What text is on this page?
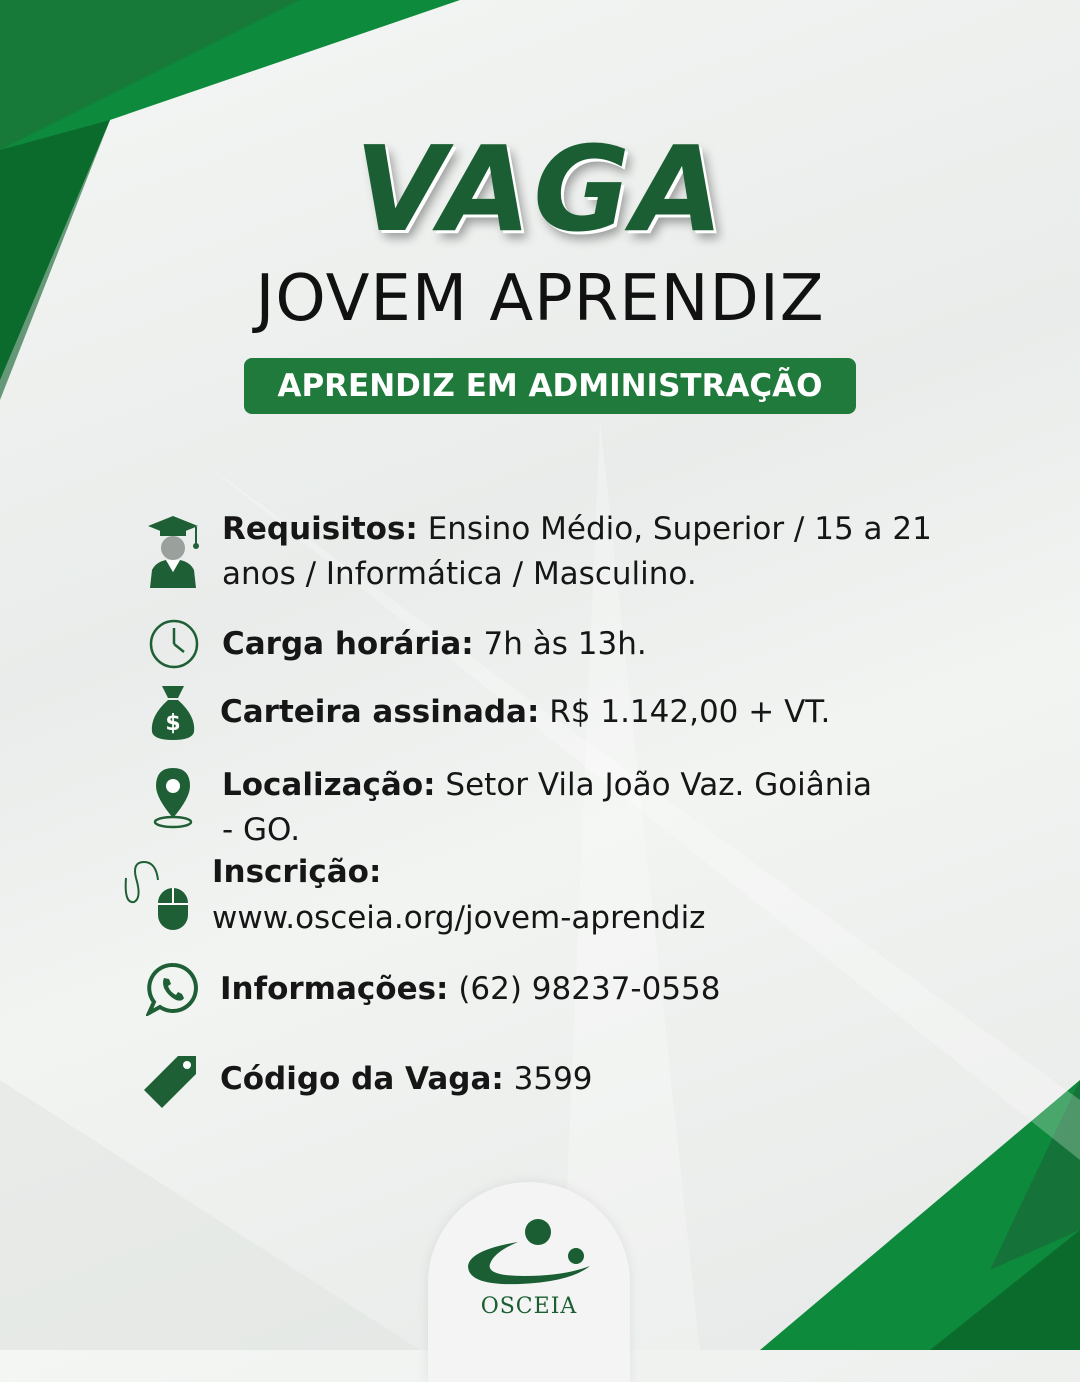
VAGA
JOVEM APRENDIZ
APRENDIZ EM ADMINISTRAÇÃO
Requisitos: Ensino Médio, Superior / 15 a 21
anos / Informática / Masculino.
Carga horária: 7h às 13h.
$ Carteira assinada: R$ 1.142,00 + VT.
Localização: Setor Vila João Vaz. Goiânia
- GO.
Inscrição:
www.osceia.org/jovem-aprendiz
Informações: (62) 98237-0558
Código da Vaga: 3599
OSCEIA
